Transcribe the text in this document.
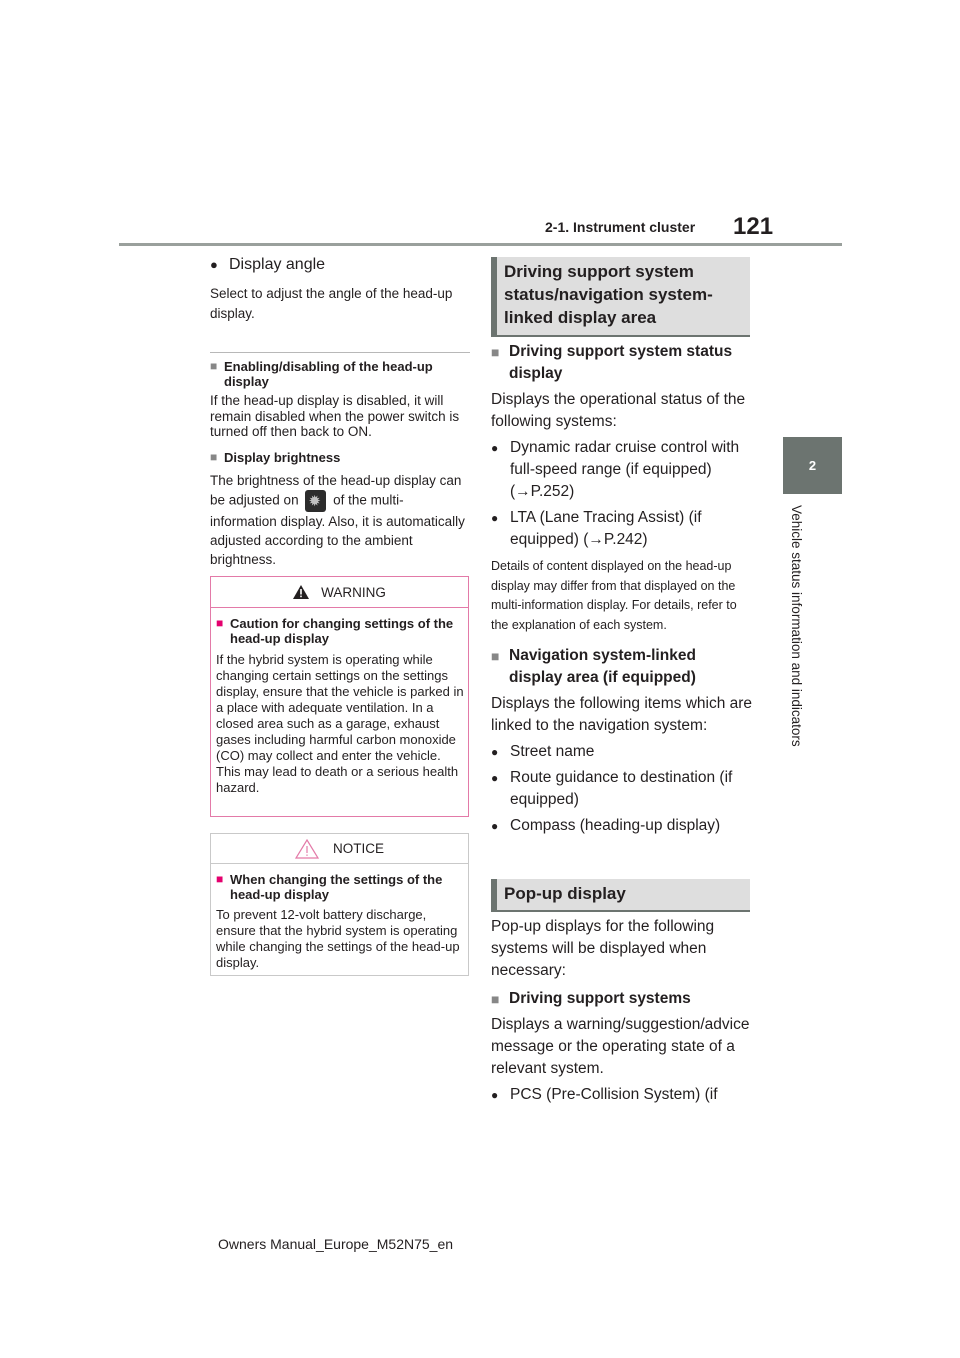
2-1. Instrument cluster 121
2
Vehicle status information and indicators
● Display angle
Select to adjust the angle of the head-up display.
■ Enabling/disabling of the head-up display
If the head-up display is disabled, it will remain disabled when the power switch is turned off then back to ON.
■ Display brightness
The brightness of the head-up display can be adjusted on ✹ of the multi-information display. Also, it is automatically adjusted according to the ambient brightness.
WARNING
■ Caution for changing settings of the head-up display
If the hybrid system is operating while changing certain settings on the settings display, ensure that the vehicle is parked in a place with adequate ventilation. In a closed area such as a garage, exhaust gases including harmful carbon monoxide (CO) may collect and enter the vehicle. This may lead to death or a serious health hazard.
NOTICE
■ When changing the settings of the head-up display
To prevent 12-volt battery discharge, ensure that the hybrid system is operating while changing the settings of the head-up display.
Driving support system status/navigation system-linked display area
■ Driving support system status display
Displays the operational status of the following systems:
● Dynamic radar cruise control with full-speed range (if equipped) (→P.252)
● LTA (Lane Tracing Assist) (if equipped) (→P.242)
Details of content displayed on the head-up display may differ from that displayed on the multi-information display. For details, refer to the explanation of each system.
■ Navigation system-linked display area (if equipped)
Displays the following items which are linked to the navigation system:
● Street name
● Route guidance to destination (if equipped)
● Compass (heading-up display)
Pop-up display
Pop-up displays for the following systems will be displayed when necessary:
■ Driving support systems
Displays a warning/suggestion/advice message or the operating state of a relevant system.
● PCS (Pre-Collision System) (if
Owners Manual_Europe_M52N75_en
